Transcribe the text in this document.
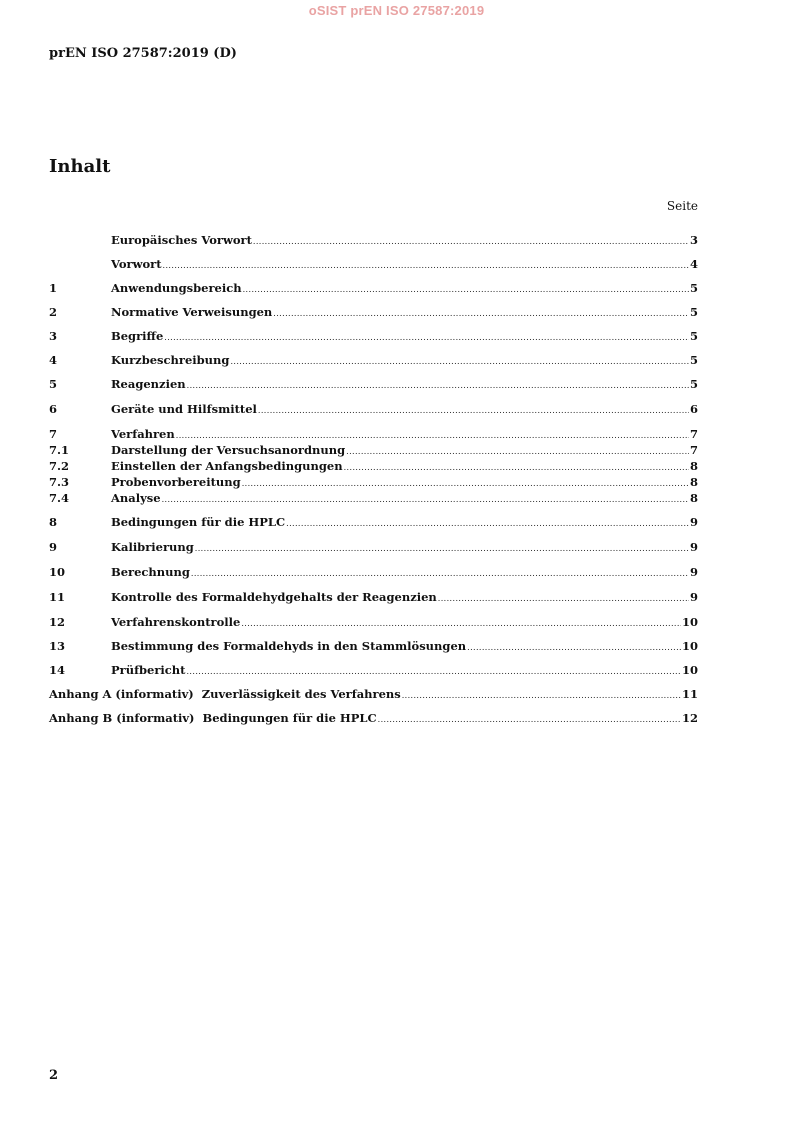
oSIST prEN ISO 27587:2019
prEN ISO 27587:2019 (D)
Inhalt
Seite
Europäisches Vorwort .....	3
Vorwort .....	4
1	Anwendungsbereich .....	5
2	Normative Verweisungen .....	5
3	Begriffe .....	5
4	Kurzbeschreibung .....	5
5	Reagenzien .....	5
6	Geräte und Hilfsmittel .....	6
7	Verfahren .....	7
7.1	Darstellung der Versuchsanordnung .....	7
7.2	Einstellen der Anfangsbedingungen .....	8
7.3	Probenvorbereitung .....	8
7.4	Analyse .....	8
8	Bedingungen für die HPLC .....	9
9	Kalibrierung .....	9
10	Berechnung .....	9
11	Kontrolle des Formaldehydgehalts der Reagenzien .....	9
12	Verfahrenskontrolle .....	10
13	Bestimmung des Formaldehyds in den Stammlösungen .....	10
14	Prüfbericht .....	10
Anhang A (informativ)  Zuverlässigkeit des Verfahrens .....	11
Anhang B (informativ)  Bedingungen für die HPLC .....	12
2
